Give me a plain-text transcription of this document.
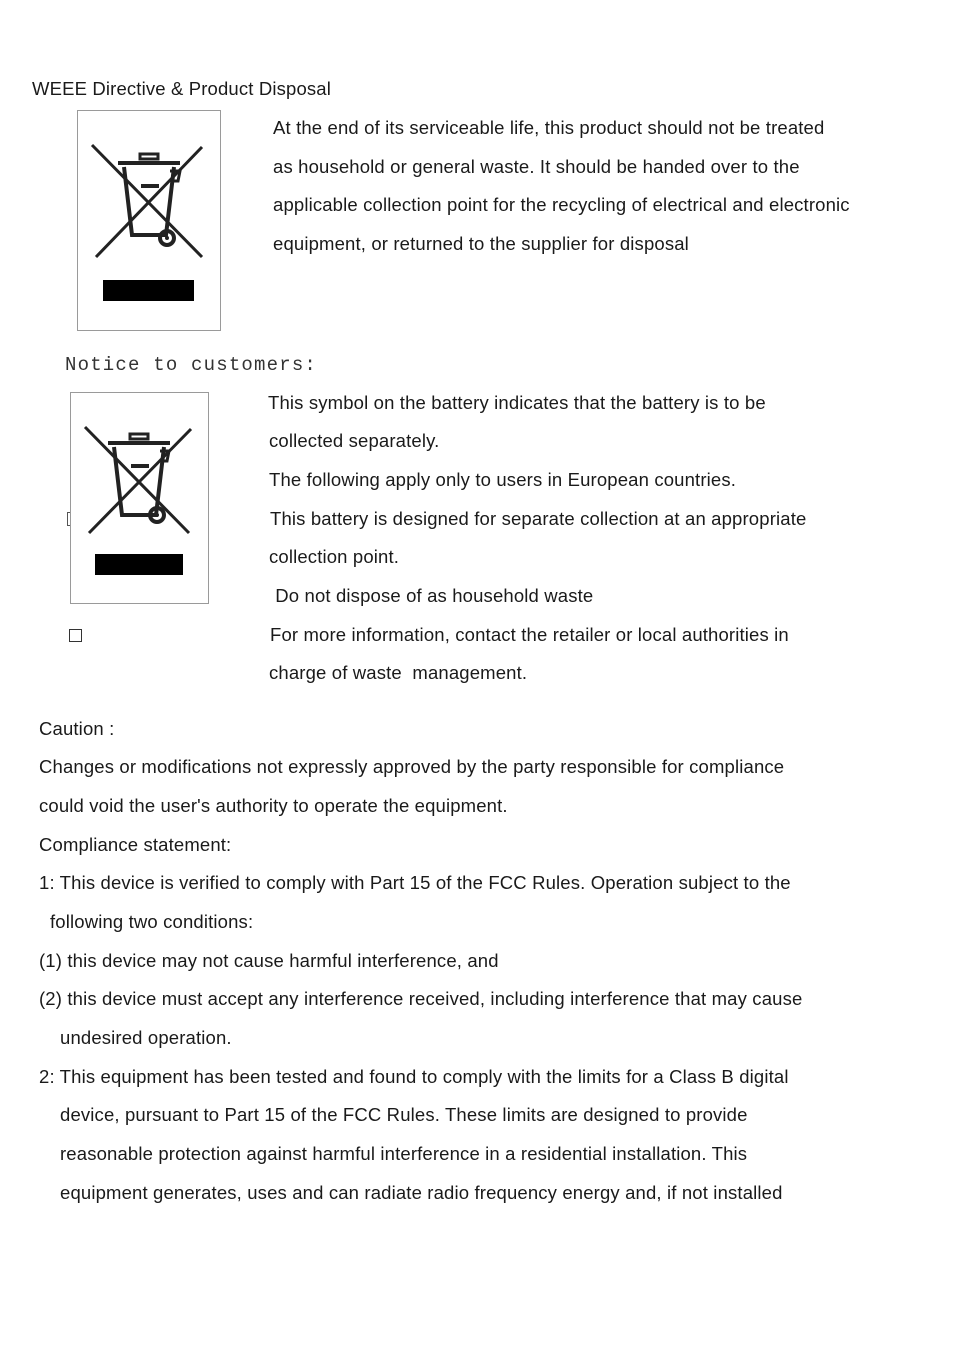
WEEE Directive & Product Disposal
At the end of its serviceable life, this product should not be treated
as household or general waste. It should be handed over to the
applicable collection point for the recycling of electrical and electronic
equipment, or returned to the supplier for disposal
Notice to customers:
This symbol on the battery indicates that the battery is to be
collected separately.
The following apply only to users in European countries.
This battery is designed for separate collection at an appropriate
collection point.
Do not dispose of as household waste
For more information, contact the retailer or local authorities in
charge of waste  management.
Caution :
Changes or modifications not expressly approved by the party responsible for compliance
could void the user's authority to operate the equipment.
Compliance statement:
1: This device is verified to comply with Part 15 of the FCC Rules. Operation subject to the
following two conditions:
(1) this device may not cause harmful interference, and
(2) this device must accept any interference received, including interference that may cause
undesired operation.
2: This equipment has been tested and found to comply with the limits for a Class B digital
device, pursuant to Part 15 of the FCC Rules. These limits are designed to provide
reasonable protection against harmful interference in a residential installation. This
equipment generates, uses and can radiate radio frequency energy and, if not installed
